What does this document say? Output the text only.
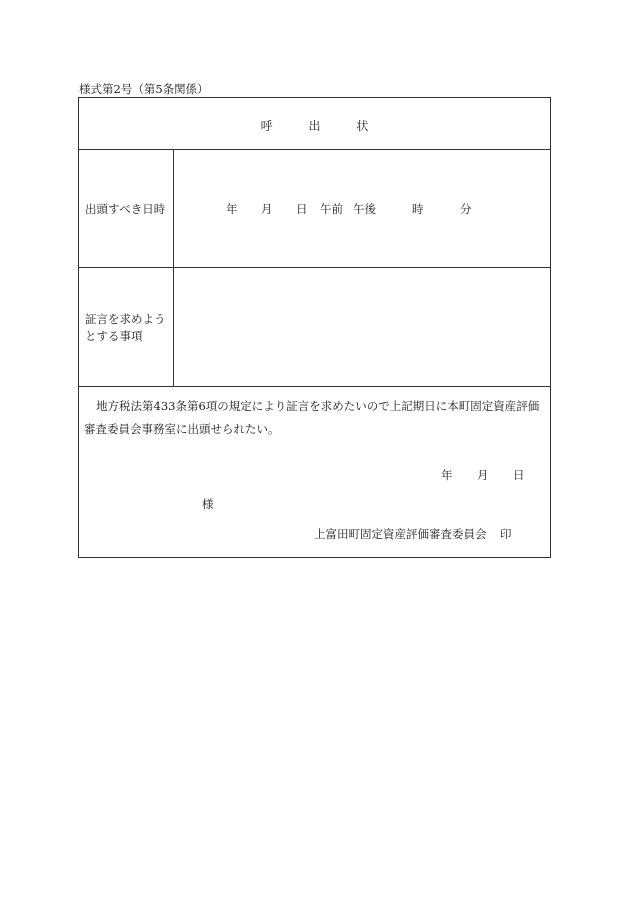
様式第2号（第5条関係）
呼	出	状
出頭すべき日時	年 月 日 午前 午後	時	分
証言を求めよう
とする事項
地方税法第433条第6項の規定により証言を求めたいので上記期日に本町固定資産評価
審査委員会事務室に出頭せられたい。
年 月 日
様
上富田町固定資産評価審査委員会 印
